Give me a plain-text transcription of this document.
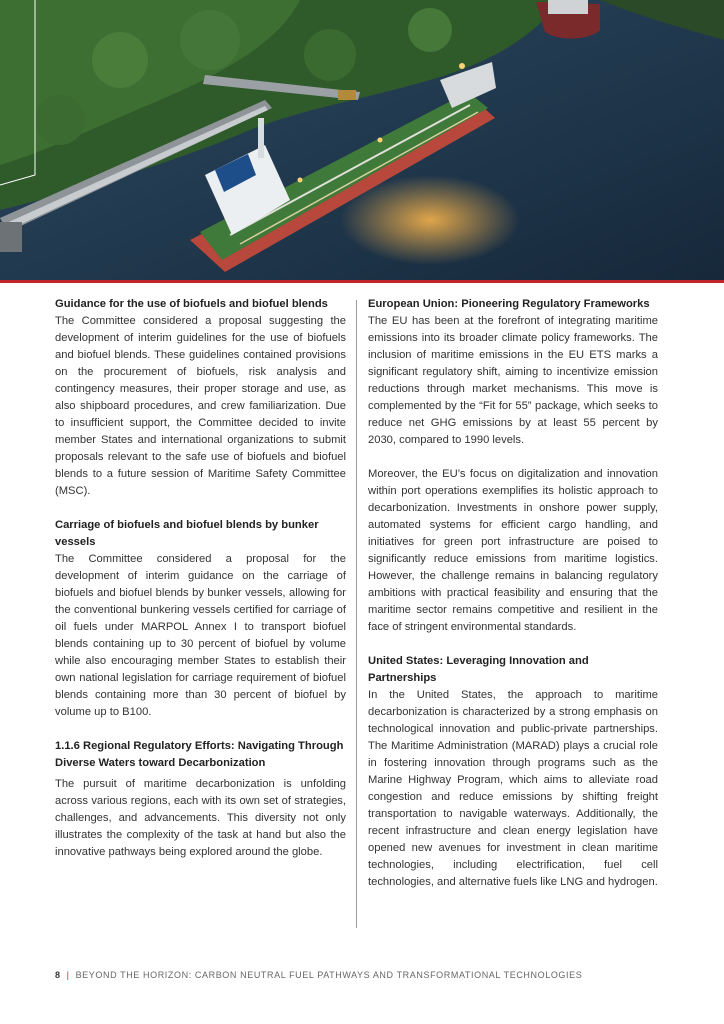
Guidance for the use of biofuels and biofuel blends

The Committee considered a proposal suggesting the development of interim guidelines for the use of biofuels and biofuel blends. These guidelines contained provisions on the procurement of biofuels, risk analysis and contingency measures, their proper storage and use, as also shipboard procedures, and crew familiarization. Due to insufficient support, the Committee decided to invite member States and international organizations to submit proposals relevant to the safe use of biofuels and biofuel blends to a future session of Maritime Safety Committee (MSC).

Carriage of biofuels and biofuel blends by bunker vessels

The Committee considered a proposal for the development of interim guidance on the carriage of biofuels and biofuel blends by bunker vessels, allowing for the conventional bunkering vessels certified for carriage of oil fuels under MARPOL Annex I to transport biofuel blends containing up to 30 percent of biofuel by volume while also encouraging member States to establish their own national legislation for carriage requirement of biofuel blends containing more than 30 percent of biofuel by volume up to B100.

1.1.6 Regional Regulatory Efforts: Navigating Through Diverse Waters toward Decarbonization

The pursuit of maritime decarbonization is unfolding across various regions, each with its own set of strategies, challenges, and advancements. This diversity not only illustrates the complexity of the task at hand but also the innovative pathways being explored around the globe.

European Union: Pioneering Regulatory Frameworks

The EU has been at the forefront of integrating maritime emissions into its broader climate policy frameworks. The inclusion of maritime emissions in the EU ETS marks a significant regulatory shift, aiming to incentivize emission reductions through market mechanisms. This move is complemented by the “Fit for 55” package, which seeks to reduce net GHG emissions by at least 55 percent by 2030, compared to 1990 levels.

Moreover, the EU’s focus on digitalization and innovation within port operations exemplifies its holistic approach to decarbonization. Investments in onshore power supply, automated systems for efficient cargo handling, and initiatives for green port infrastructure are poised to significantly reduce emissions from maritime logistics. However, the challenge remains in balancing regulatory ambitions with practical feasibility and ensuring that the maritime sector remains competitive and resilient in the face of stringent environmental standards.

United States: Leveraging Innovation and Partnerships

In the United States, the approach to maritime decarbonization is characterized by a strong emphasis on technological innovation and public-private partnerships. The Maritime Administration (MARAD) plays a crucial role in fostering innovation through programs such as the Marine Highway Program, which aims to alleviate road congestion and reduce emissions by shifting freight transportation to navigable waterways. Additionally, the recent infrastructure and clean energy legislation have opened new avenues for investment in clean maritime technologies, including electrification, fuel cell technologies, and alternative fuels like LNG and hydrogen.

8 | BEYOND THE HORIZON: CARBON NEUTRAL FUEL PATHWAYS AND TRANSFORMATIONAL TECHNOLOGIES
